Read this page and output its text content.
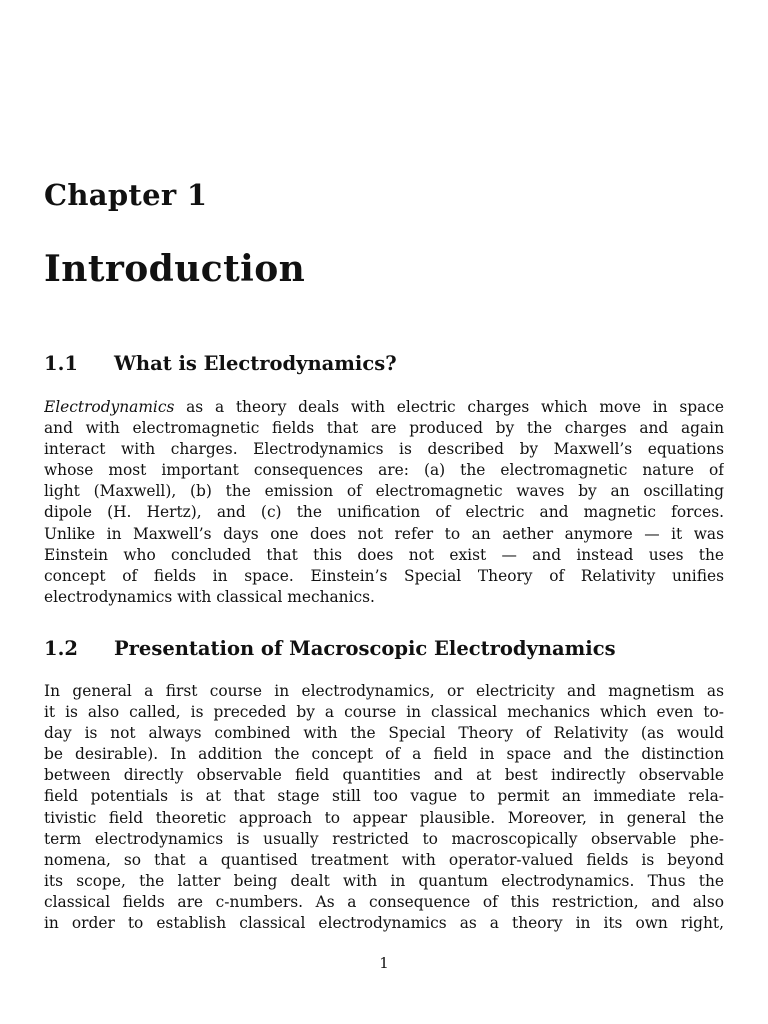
Chapter 1
Introduction
1.1 What is Electrodynamics?
Electrodynamics as a theory deals with electric charges which move in space
and with electromagnetic fields that are produced by the charges and again
interact with charges. Electrodynamics is described by Maxwell’s equations
whose most important consequences are: (a) the electromagnetic nature of
light (Maxwell), (b) the emission of electromagnetic waves by an oscillating
dipole (H. Hertz), and (c) the unification of electric and magnetic forces.
Unlike in Maxwell’s days one does not refer to an aether anymore — it was
Einstein who concluded that this does not exist — and instead uses the
concept of fields in space. Einstein’s Special Theory of Relativity unifies
electrodynamics with classical mechanics.
1.2 Presentation of Macroscopic Electrodynamics
In general a first course in electrodynamics, or electricity and magnetism as
it is also called, is preceded by a course in classical mechanics which even to-
day is not always combined with the Special Theory of Relativity (as would
be desirable). In addition the concept of a field in space and the distinction
between directly observable field quantities and at best indirectly observable
field potentials is at that stage still too vague to permit an immediate rela-
tivistic field theoretic approach to appear plausible. Moreover, in general the
term electrodynamics is usually restricted to macroscopically observable phe-
nomena, so that a quantised treatment with operator-valued fields is beyond
its scope, the latter being dealt with in quantum electrodynamics. Thus the
classical fields are c-numbers. As a consequence of this restriction, and also
in order to establish classical electrodynamics as a theory in its own right,
1
